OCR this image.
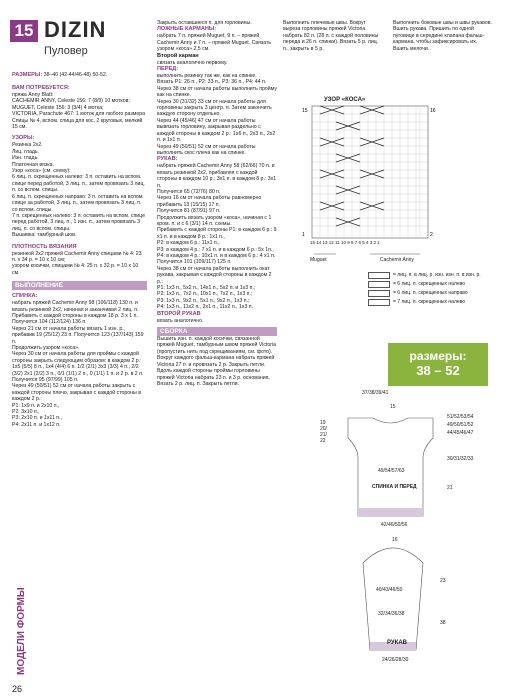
15 DIZIN
Пуловер
РАЗМЕРЫ: 38–40 (42-44/46-48) 50-52.
ВАМ ПОТРЕБУЕТСЯ:
пряжа Anny Blatt:
CACHEMIR ANNY, Celeste 156: 7 (8/9) 10 мотков;
MUGUET, Celeste 156: 3 (3/4) 4 мотка;
VICTORIA, Parachute 467: 1 моток для любого размера
Спицы № 4, вспом. спица для кос, 2 круговых, мелкий 15 см.
УЗОРЫ:
Резинка 2х2.
Лиц. гладь.
Изн. гладь.
Платочная вязка.
Узор «коса» (см. схему):
6 лиц. п. скрещенных налево: 3 п. оставить на вспом. спице перед работой, 3 лиц. п., затем провязать 3 лиц. п. со вспом. спицы.
6 лиц. п. скрещенных направо: 3 п. оставить на вспом. спице за работой, 3 лиц. п., затем провязать 3 лиц. п. со вспом. спицы.
7 п. скрещенных налево: 3 п. оставить на вспом. спице перед работой, 3 лиц. п., 1 изн. п., затем провязать 3 лиц. п. со вспом. спицы.
Вышивка: тамбурный шов.
ПЛОТНОСТЬ ВЯЗАНИЯ
резинкой 2х2 пряжей Cachemir Anny спицами № 4: 23 п. х 34 р. = 10 х 10 см;
узором косички, спицами № 4: 25 п. х 32 р. = 10 х 10 см.
ВЫПОЛНЕНИЕ
СПИНКА:
набрать пряжей Cachemir Anny 98 (106/118) 130 п. и вязать резинкой 2х2, начиная и заканчивая 2 лиц. п.
Прибавить с каждой стороны в каждом 18 р. 3 х 1 п. Получится 104 (112/124) 136 п.
Через 21 см от начала работы вязать 1 изн. р., прибавив 19 (25/12) 23 п. Получится 123 (137/143) 159 п.
Продолжить узором «коса».
Через 30 см от начала работы для проймы с каждой стороны закрыть следующим образом: в каждом 2 р.: 1х5 (5/5) 8 п., 1х4 (4/4) 6 п. 1/2 (2/1) 3х3 (3/3) 4 п., 2/2 (3/2) 2х1 (2/2) 3 п., 0/1 (1/1) 2 п., 0 (1/1) 1 п. и 2 р. в 2 п.
Получится 95 (97/99) 105 п.
Через 49 (50/51) 52 см от начала работы закрыть с каждой стороны плечо, закрывая с каждой стороны в каждом 2 р.:
Р1: 1х9 п. и 2х10 п.,
Р2: 3х10 п.,
Р3: 2х10 п. и 1х11 п.,
Р4: 2х11 п. и 1х12 п.
Закрыть оставшиеся п. для горловины.

ЛОЖНЫЕ КАРМАНЫ:
набрать 7 п. пряжей Muguet, 9 п. – пряжей Cachemir Anny и 7 п. – пряжей Muguet. Связать узором «коса» 2,5 см.
Второй карман
связать аналогично первому.
ПЕРЕД:
выполнить резинку так же, как на спинке.
Вязать Р1: 26 п., Р2: 33 п., Р3: 36 п., Р4: 44 п.
Через 38 см от начала работы выполнить пройму как на спинке.
Через 30 (31/32) 33 см от начала работы для горловины закрыть 3 центр. п. Затем закончить каждую сторону отдельно.
Через 44 (45/46) 47 см от начала работы вывязать горловину, закрывая раздельно с каждой стороны в каждом 2 р.: 1х6 п., 2х3 п., 2х2 п. и 1х1 п.
Через 49 (50/51) 52 см от начала работы выполнить скос плеча как на спинке.
РУКАВ:
набрать пряжей Cachemir Anny 58 (62/66) 70 п. и вязать резинкой 2х2, прибавляя с каждой стороны в каждом 10 р.: 3х1 п. в каждом 8 р.: 3х1 п.
Получится 65 (72/76) 80 п.
Через 16 см от начала работы равномерно прибавить 13 (15/15) 17 п.
Получится 81 (87/91) 97 п.
Продолжить вязать узором «коса», начиная с 1 кром. п. и с 6 (3/1) 14 п. схемы.
Прибавить с каждой стороны Р1: в каждом 6 р.: 9 х1 п. и в каждом 8 р.: 1х1 п.,
Р2: в каждом 6 р.: 11х1 п.,
Р3: в каждом 4 р.: 7 х1 п. и в каждом 6 р.: 5х 1п.,
Р4: в каждом 4 р.: 10х1 п. и в каждом 6 р.: 4 х1 п.
Получится 101 (109/117) 125 п.
Через 38 см от начала работы выполнить окат рукава, закрывая с каждой стороны в каждом 2 р.:
Р1: 1х3 п., 5х2 п., 14х1 п., 5х2 п. и 1х3 п.;
Р2: 1х3 п., 7х2 п., 10х1 п., 7х2 п., 1х3 п.;
Р3: 1х3 п., 9х2 п., 5х1 п., 9х2 п., 1х3 п.;
Р4: 1х3 п., 11х2 п., 2х1 п., 11х2 п., 1х3 п.
ВТОРОЙ РУКАВ
вязать аналогично.
СБОРКА
Вышить изн. п. каждой косички, связанной пряжей Muguet, тамбурным швом пряжей Victoria (пропустить нить под скрещиваниям, см. фото). Вокруг каждого фальш-кармана набрать пряжей Victoria 27 п. и провязать 2 р. Закрыть петли.
Вдоль каждой стороны проймы горловины пряжей Victoria набрать 23 п. и 3 р. основания. Вязать 2 р. лиц. п. Закрыть петли.
Выполнить плечевые швы. Вокруг выреза горловины пряжей Victoria набрать 82 п. (28 п. с каждой половины переда и 26 п. спинки). Вязать 5 р. лиц. п., закрыть в 5 р.
Выполнить боковые швы и швы рукавов. Вшить рукава. Пришить по одной пуговице в середине клапана фальш-кармана, чтобы зафиксировать их. Вшить мелочи.
УЗОР «КОСА»
15
1
16
2
15 14 13 12 11 10 9 8 7 6 5 4 3 2 1
Muguet	Cachemir Anny
= лиц. п. в лиц. р. изн. изн. п. в изн. р.
= 6 лиц. п. скрещенных налево
= 6 лиц. п. скрещенных направо
= 7 лиц. п. скрещенных налево
размеры:
38 – 52
37/38/39/41
15
19
20/
21/
22
51/52/53/54
49/50/51/52
44/45/46/47
30/31/32/33
21
49/54/57/63
СПИНКА И ПЕРЕД
42/46/50/56
16
40/43/46/50
32/34/36/38
23
38
РУКАВ
24/26/28/30
МОДЕЛИ ФОРМЫ
26
